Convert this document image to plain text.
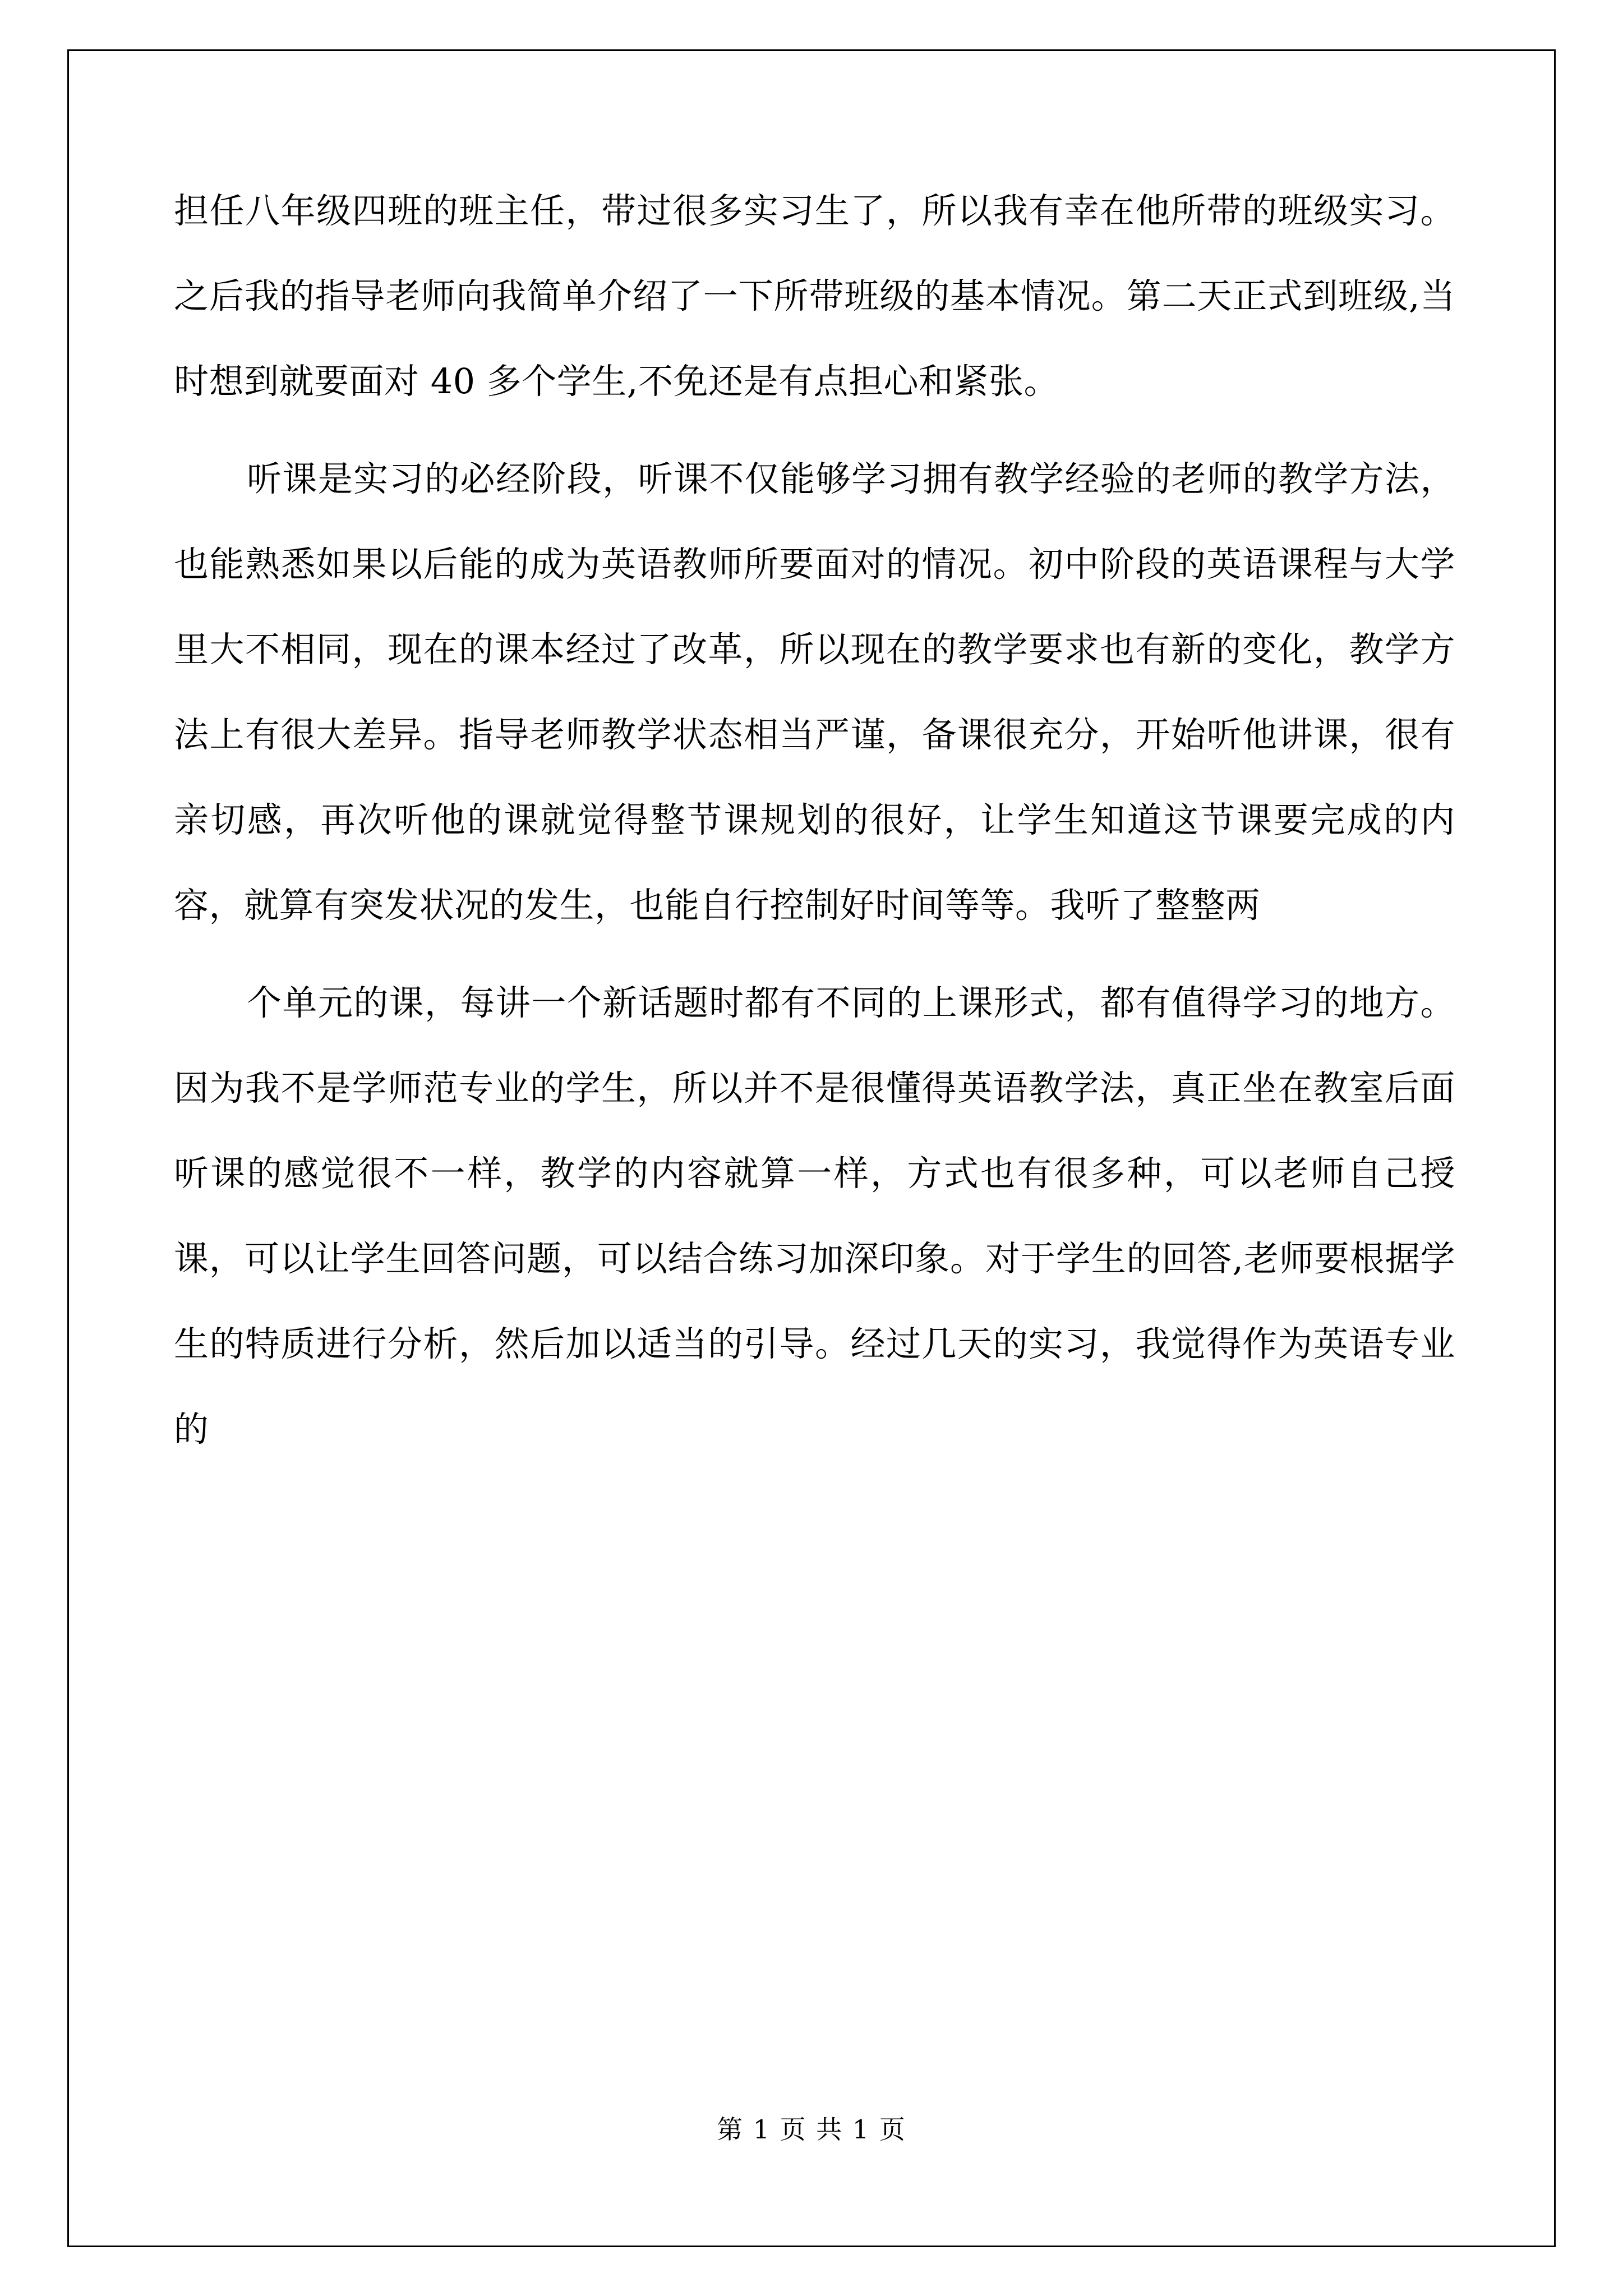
担任八年级四班的班主任，带过很多实习生了，所以我有幸在他所带的班级实习。之后我的指导老师向我简单介绍了一下所带班级的基本情况。第二天正式到班级,当时想到就要面对 40 多个学生,不免还是有点担心和紧张。

听课是实习的必经阶段，听课不仅能够学习拥有教学经验的老师的教学方法，也能熟悉如果以后能的成为英语教师所要面对的情况。初中阶段的英语课程与大学里大不相同，现在的课本经过了改革，所以现在的教学要求也有新的变化，教学方法上有很大差异。指导老师教学状态相当严谨，备课很充分，开始听他讲课，很有亲切感，再次听他的课就觉得整节课规划的很好，让学生知道这节课要完成的内容，就算有突发状况的发生，也能自行控制好时间等等。我听了整整两

个单元的课，每讲一个新话题时都有不同的上课形式，都有值得学习的地方。因为我不是学师范专业的学生，所以并不是很懂得英语教学法，真正坐在教室后面听课的感觉很不一样，教学的内容就算一样，方式也有很多种，可以老师自己授课，可以让学生回答问题，可以结合练习加深印象。对于学生的回答,老师要根据学生的特质进行分析，然后加以适当的引导。经过几天的实习，我觉得作为英语专业的

第 1 页 共 1 页
